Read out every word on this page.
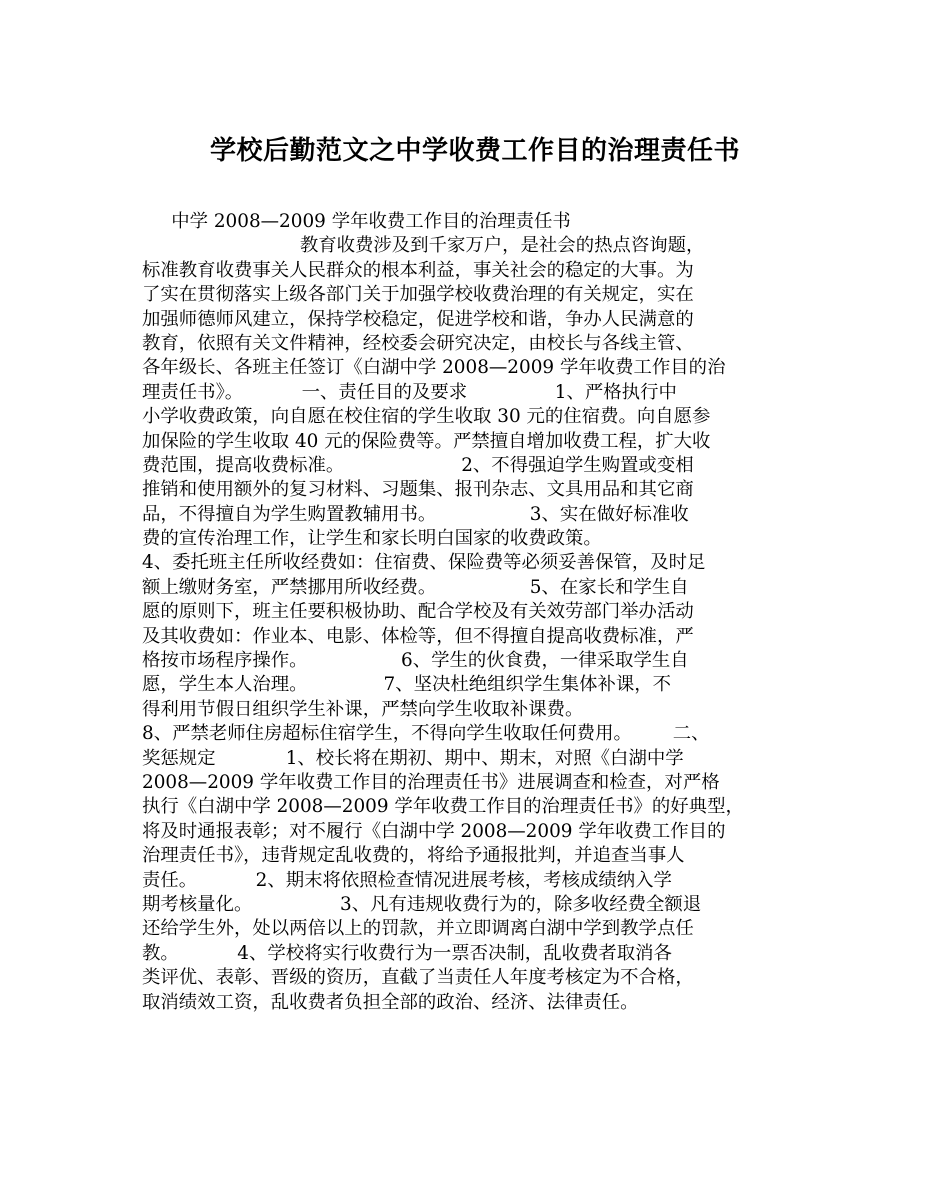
学校后勤范文之中学收费工作目的治理责任书
中学 2008—2009 学年收费工作目的治理责任书
教育收费涉及到千家万户，是社会的热点咨询题，
标准教育收费事关人民群众的根本利益，事关社会的稳定的大事。为
了实在贯彻落实上级各部门关于加强学校收费治理的有关规定，实在
加强师德师风建立，保持学校稳定，促进学校和谐，争办人民满意的
教育，依照有关文件精神，经校委会研究决定，由校长与各线主管、
各年级长、各班主任签订《白湖中学 2008—2009 学年收费工作目的治
理责任书》。          一、责任目的及要求               1、严格执行中
小学收费政策，向自愿在校住宿的学生收取 30 元的住宿费。向自愿参
加保险的学生收取 40 元的保险费等。严禁擅自增加收费工程，扩大收
费范围，提高收费标准。                    2、不得强迫学生购置或变相
推销和使用额外的复习材料、习题集、报刊杂志、文具用品和其它商
品，不得擅自为学生购置教辅用书。                3、实在做好标准收
费的宣传治理工作，让学生和家长明白国家的收费政策。
4、委托班主任所收经费如：住宿费、保险费等必须妥善保管，及时足
额上缴财务室，严禁挪用所收经费。                5、在家长和学生自
愿的原则下，班主任要积极协助、配合学校及有关效劳部门举办活动
及其收费如：作业本、电影、体检等，但不得擅自提高收费标准，严
格按市场程序操作。                6、学生的伙食费，一律采取学生自
愿，学生本人治理。             7、坚决杜绝组织学生集体补课，不
得利用节假日组织学生补课，严禁向学生收取补课费。
8、严禁老师住房超标住宿学生，不得向学生收取任何费用。       二、
奖惩规定            1、校长将在期初、期中、期末，对照《白湖中学
2008—2009 学年收费工作目的治理责任书》进展调查和检查，对严格
执行《白湖中学 2008—2009 学年收费工作目的治理责任书》的好典型，
将及时通报表彰；对不履行《白湖中学 2008—2009 学年收费工作目的
治理责任书》，违背规定乱收费的，将给予通报批判，并追查当事人
责任。          2、期末将依照检查情况进展考核，考核成绩纳入学
期考核量化。               3、凡有违规收费行为的，除多收经费全额退
还给学生外，处以两倍以上的罚款，并立即调离白湖中学到教学点任
教。          4、学校将实行收费行为一票否决制，乱收费者取消各
类评优、表彰、晋级的资历，直截了当责任人年度考核定为不合格，
取消绩效工资，乱收费者负担全部的政治、经济、法律责任。
